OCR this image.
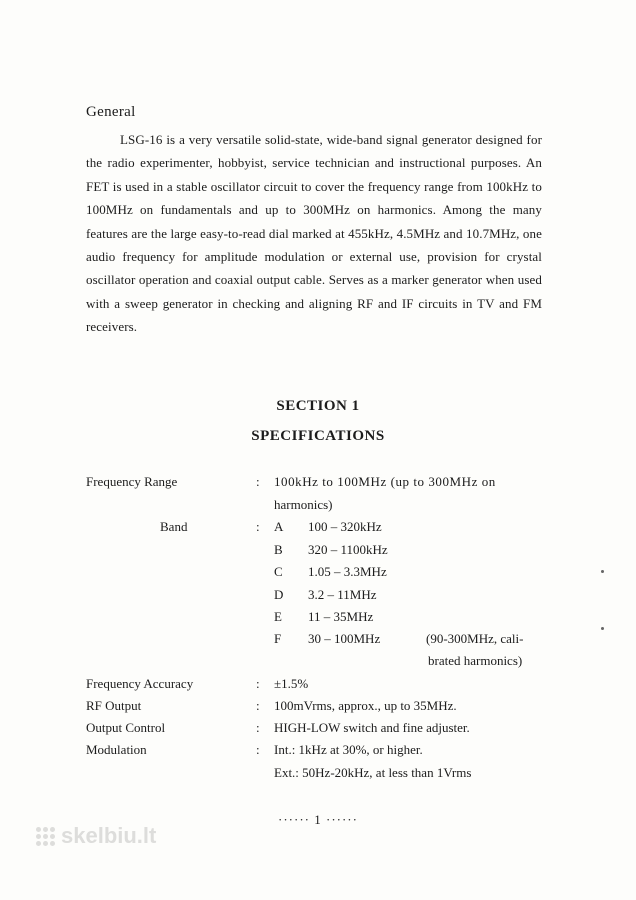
General

LSG-16 is a very versatile solid-state, wide-band signal generator designed for the radio experimenter, hobbyist, service technician and instructional purposes. An FET is used in a stable oscillator circuit to cover the frequency range from 100kHz to 100MHz on fundamentals and up to 300MHz on harmonics. Among the many features are the large easy-to-read dial marked at 455kHz, 4.5MHz and 10.7MHz, one audio frequency for amplitude modulation or external use, provision for crystal oscillator operation and coaxial output cable. Serves as a marker generator when used with a sweep generator in checking and aligning RF and IF circuits in TV and FM receivers.

SECTION 1
SPECIFICATIONS
Frequency Range	: 100kHz to 100MHz (up to 300MHz on
harmonics)
Band	: A 100 – 320kHz
B 320 – 1100kHz
C 1.05 – 3.3MHz
D 3.2 – 11MHz
E 11 – 35MHz
F 30 – 100MHz	(90-300MHz, cali-
brated harmonics)
Frequency Accuracy	: ±1.5%
RF Output	: 100mVrms, approx., up to 35MHz.
Output Control	: HIGH-LOW switch and fine adjuster.
Modulation	: Int.: 1kHz at 30%, or higher.
Ext.: 50Hz-20kHz, at less than 1Vrms
······ 1 ······
skelbiu.lt
